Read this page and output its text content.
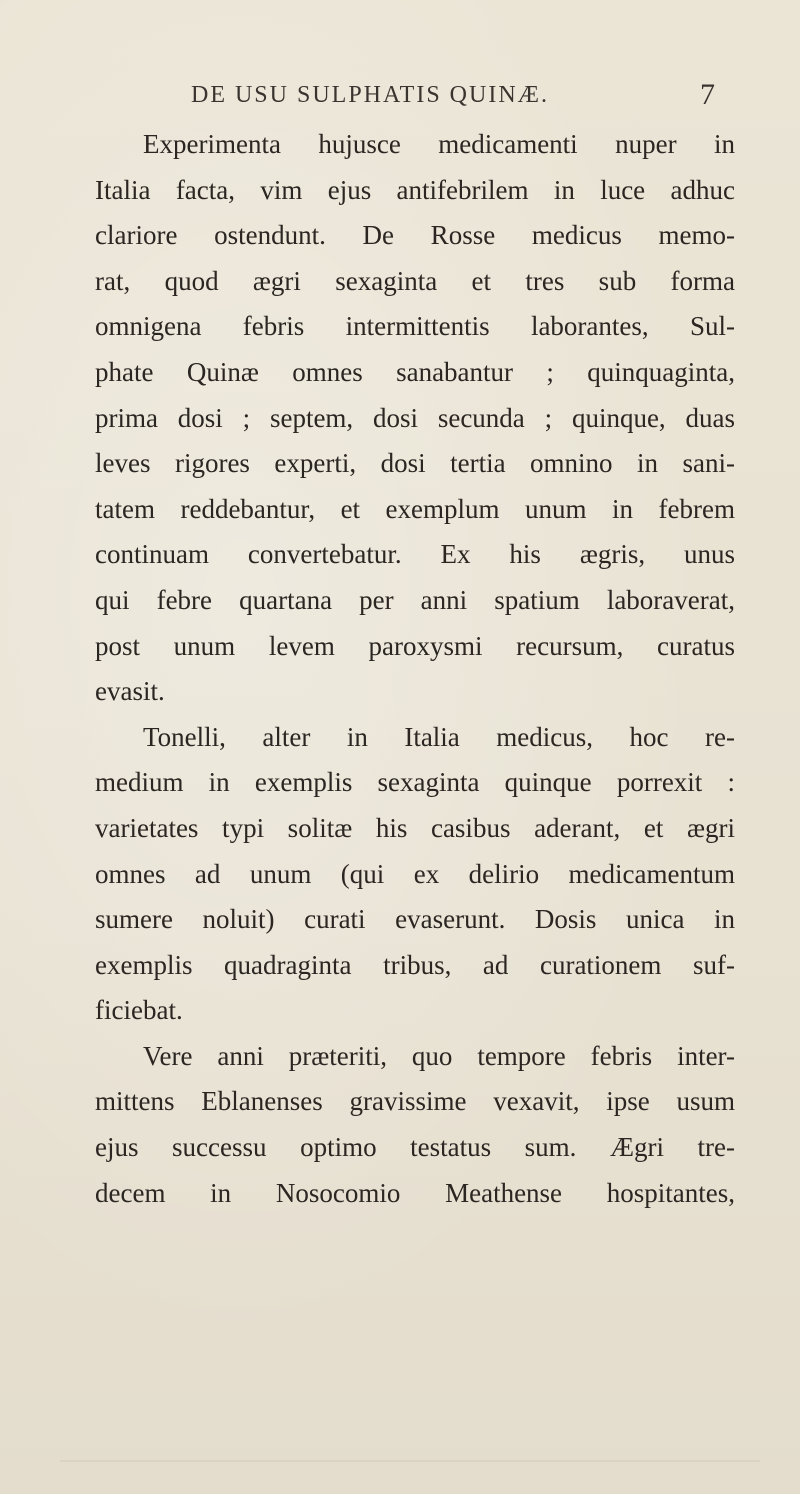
DE USU SULPHATIS QUINÆ.	7
Experimenta hujusce medicamenti nuper in
Italia facta, vim ejus antifebrilem in luce adhuc
clariore ostendunt. De Rosse medicus memo-
rat, quod ægri sexaginta et tres sub forma
omnigena febris intermittentis laborantes, Sul-
phate Quinæ omnes sanabantur ; quinquaginta,
prima dosi ; septem, dosi secunda ; quinque, duas
leves rigores experti, dosi tertia omnino in sani-
tatem reddebantur, et exemplum unum in febrem
continuam convertebatur. Ex his ægris, unus
qui febre quartana per anni spatium laboraverat,
post unum levem paroxysmi recursum, curatus
evasit.
Tonelli, alter in Italia medicus, hoc re-
medium in exemplis sexaginta quinque porrexit :
varietates typi solitæ his casibus aderant, et ægri
omnes ad unum (qui ex delirio medicamentum
sumere noluit) curati evaserunt. Dosis unica in
exemplis quadraginta tribus, ad curationem suf-
ficiebat.
Vere anni præteriti, quo tempore febris inter-
mittens Eblanenses gravissime vexavit, ipse usum
ejus successu optimo testatus sum. Ægri tre-
decem in Nosocomio Meathense hospitantes,
